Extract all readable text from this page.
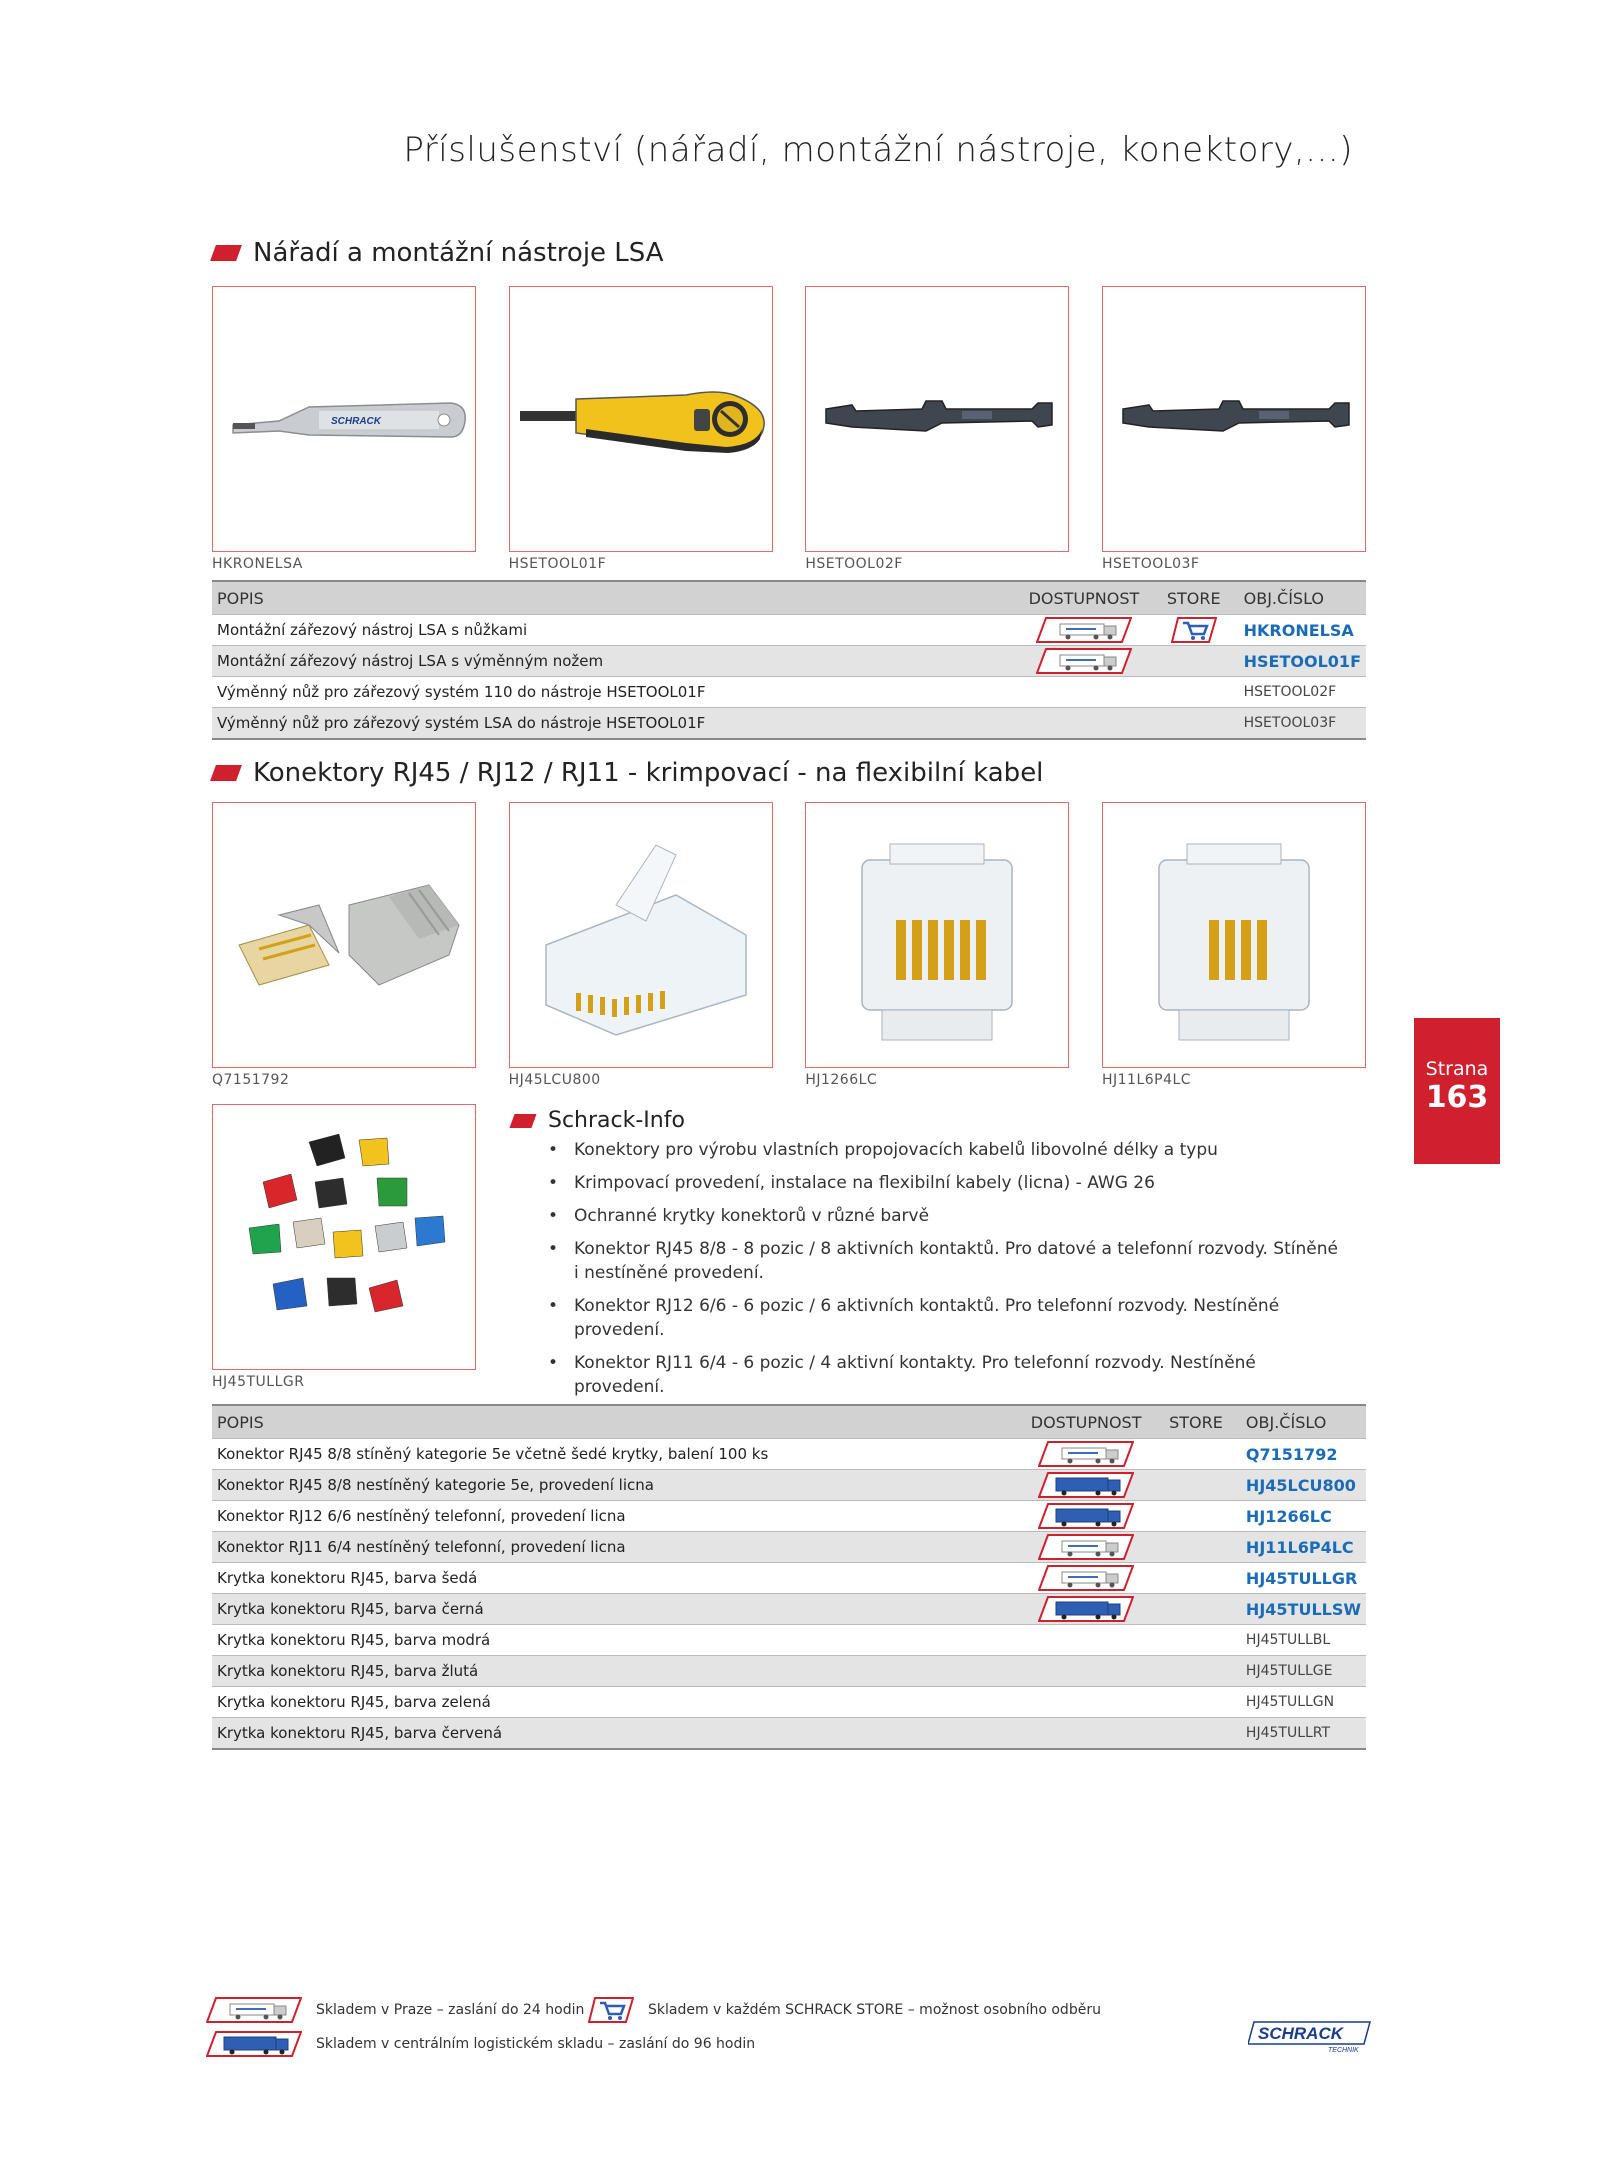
Příslušenství (nářadí, montážní nástroje, konektory,...)
Nářadí a montážní nástroje LSA
SCHRACK
HKRONELSA	HSETOOL01F	HSETOOL02F	HSETOOL03F
POPIS	DOSTUPNOST	STORE	OBJ.ČÍSLO
Montážní zářezový nástroj LSA s nůžkami			HKRONELSA
Montážní zářezový nástroj LSA s výměnným nožem			HSETOOL01F
Výměnný nůž pro zářezový systém 110 do nástroje HSETOOL01F			HSETOOL02F
Výměnný nůž pro zářezový systém LSA do nástroje HSETOOL01F			HSETOOL03F
Konektory RJ45 / RJ12 / RJ11 - krimpovací - na flexibilní kabel
Q7151792	HJ45LCU800	HJ1266LC	HJ11L6P4LC
HJ45TULLGR
Schrack-Info
• Konektory pro výrobu vlastních propojovacích kabelů libovolné délky a typu
• Krimpovací provedení, instalace na flexibilní kabely (licna) - AWG 26
• Ochranné krytky konektorů v různé barvě
• Konektor RJ45 8/8 - 8 pozic / 8 aktivních kontaktů. Pro datové a telefonní rozvody. Stíněné i nestíněné provedení.
• Konektor RJ12 6/6 - 6 pozic / 6 aktivních kontaktů. Pro telefonní rozvody. Nestíněné provedení.
• Konektor RJ11 6/4 - 6 pozic / 4 aktivní kontakty. Pro telefonní rozvody. Nestíněné provedení.
POPIS	DOSTUPNOST	STORE	OBJ.ČÍSLO
Konektor RJ45 8/8 stíněný kategorie 5e včetně šedé krytky, balení 100 ks			Q7151792
Konektor RJ45 8/8 nestíněný kategorie 5e, provedení licna			HJ45LCU800
Konektor RJ12 6/6 nestíněný telefonní, provedení licna			HJ1266LC
Konektor RJ11 6/4 nestíněný telefonní, provedení licna			HJ11L6P4LC
Krytka konektoru RJ45, barva šedá			HJ45TULLGR
Krytka konektoru RJ45, barva černá			HJ45TULLSW
Krytka konektoru RJ45, barva modrá			HJ45TULLBL
Krytka konektoru RJ45, barva žlutá			HJ45TULLGE
Krytka konektoru RJ45, barva zelená			HJ45TULLGN
Krytka konektoru RJ45, barva červená			HJ45TULLRT
Strana
163
Skladem v Praze – zaslání do 24 hodin	Skladem v každém SCHRACK STORE – možnost osobního odběru
Skladem v centrálním logistickém skladu – zaslání do 96 hodin
SCHRACK
TECHNIK
